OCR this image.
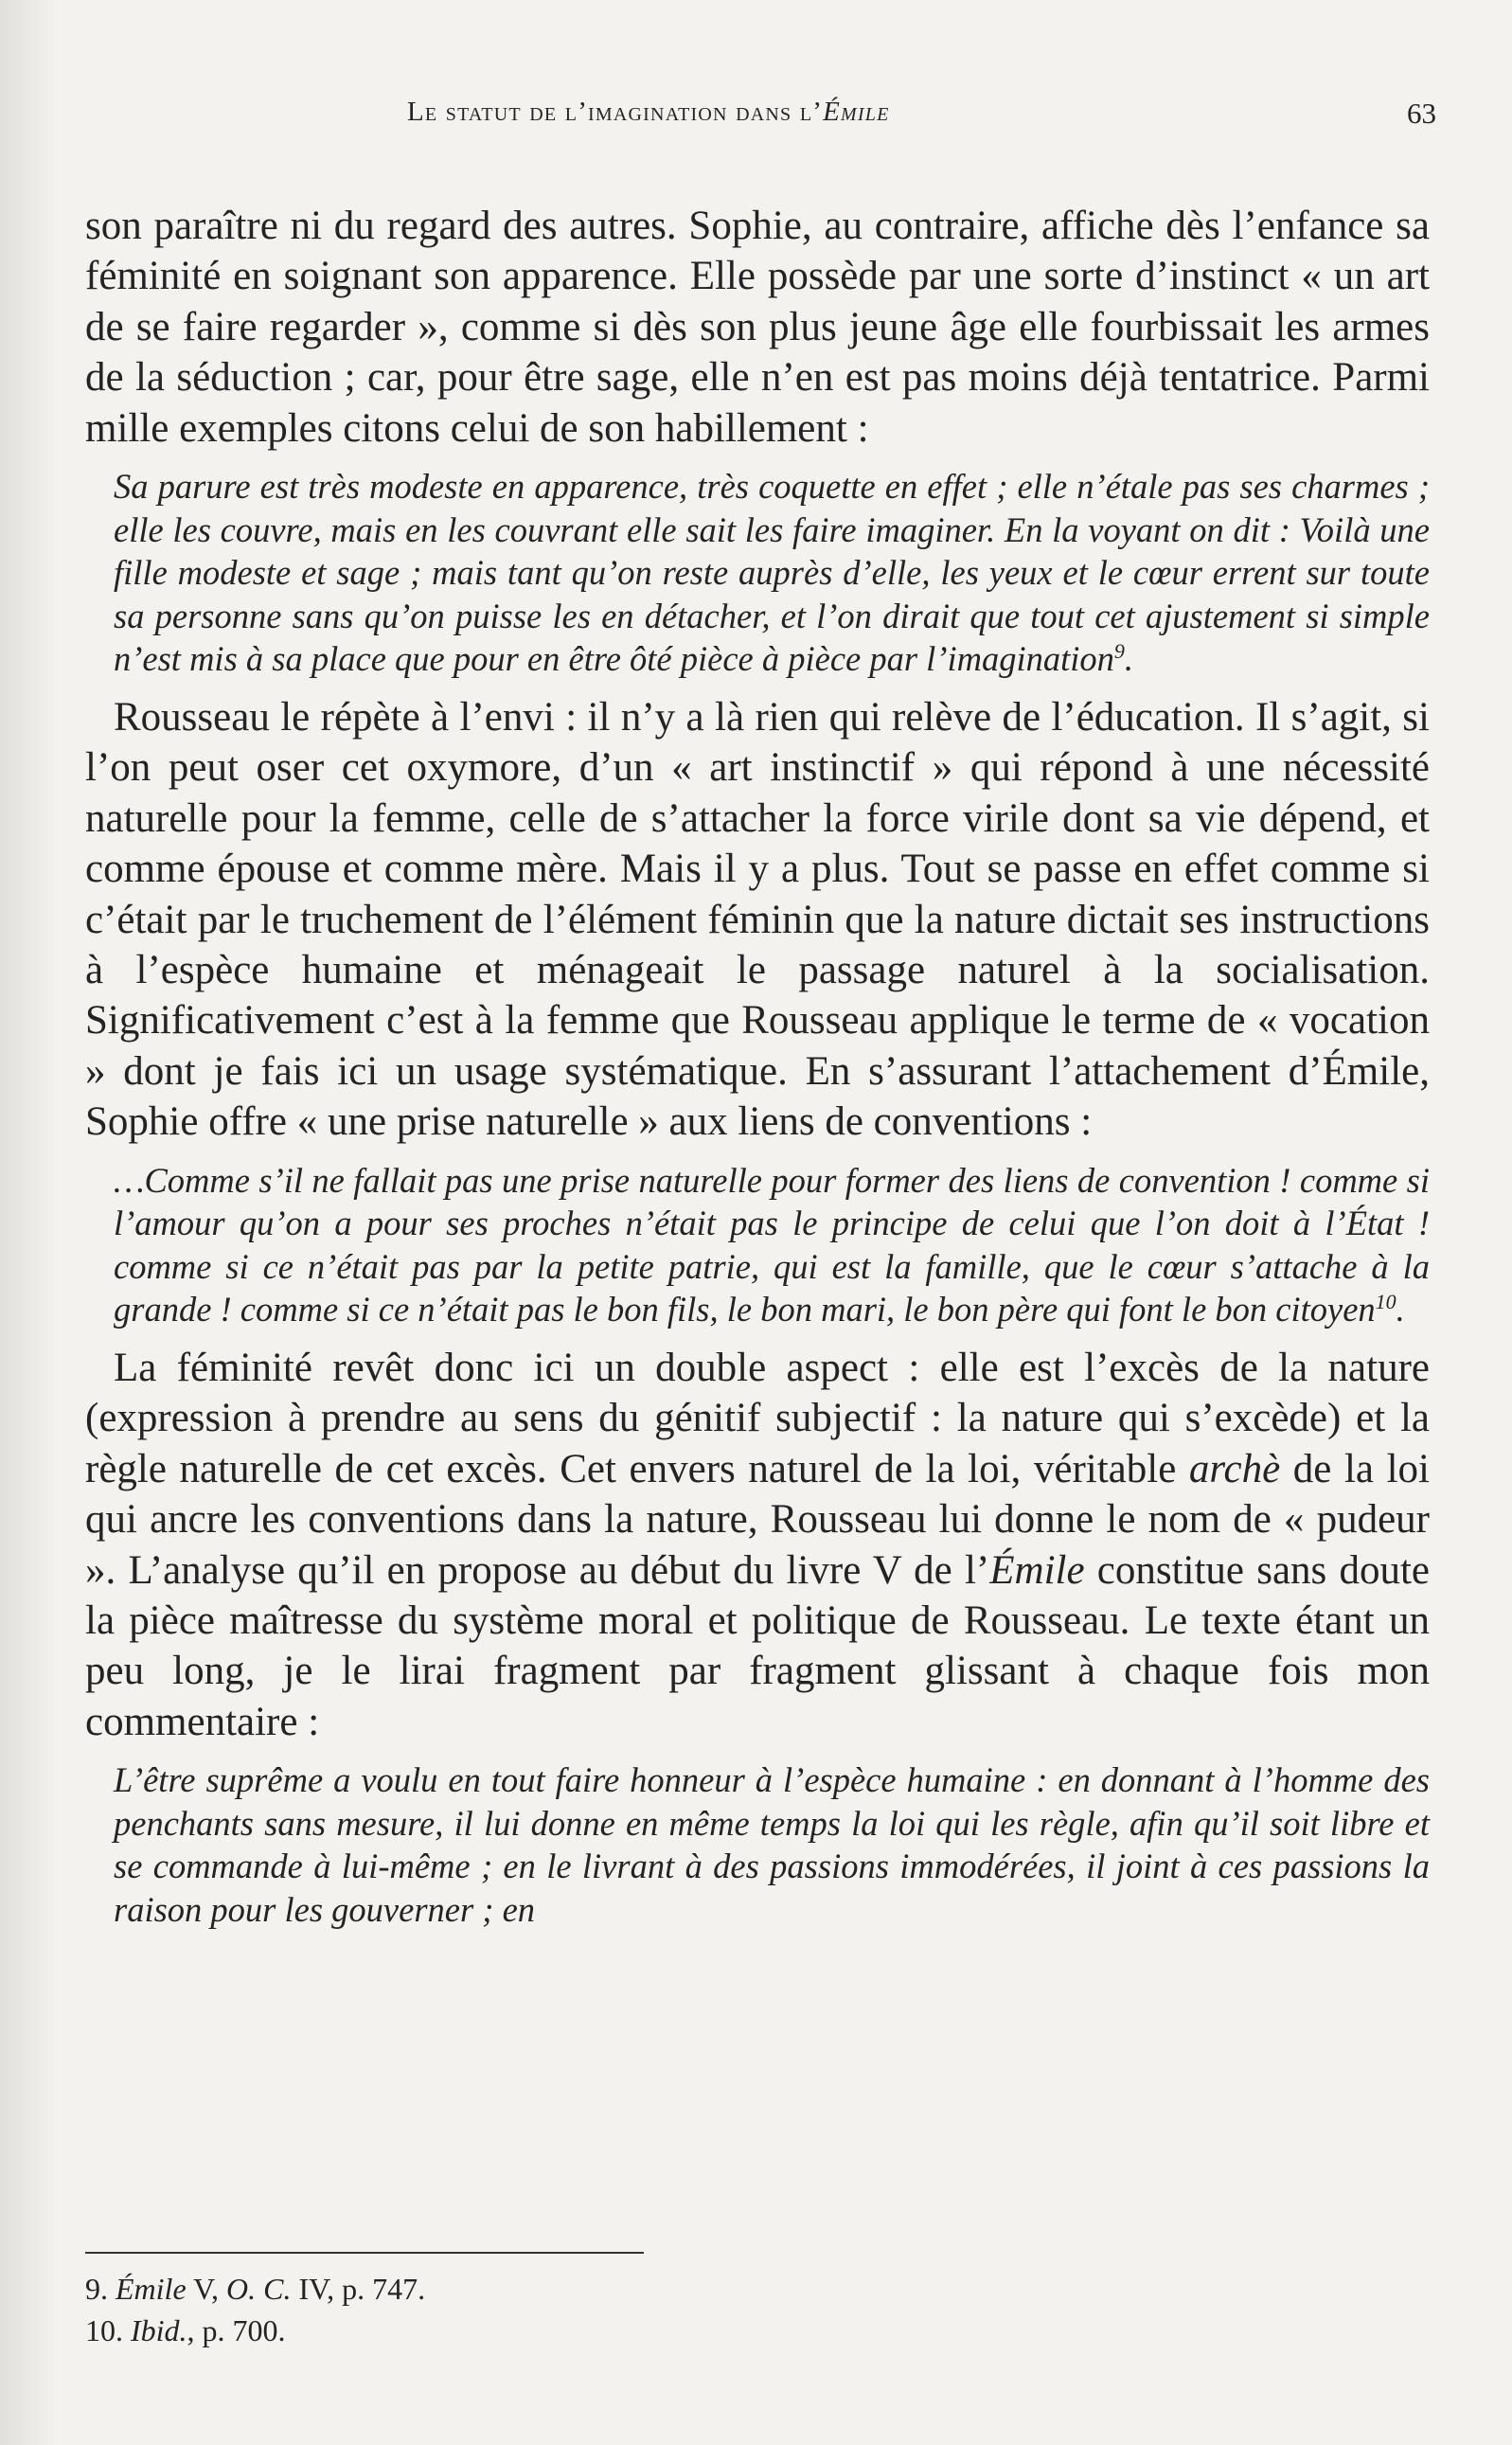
Le statut de l’imagination dans l’Émile	63

son paraître ni du regard des autres. Sophie, au contraire, affiche dès l’enfance sa féminité en soignant son apparence. Elle possède par une sorte d’instinct « un art de se faire regarder », comme si dès son plus jeune âge elle fourbissait les armes de la séduction ; car, pour être sage, elle n’en est pas moins déjà tentatrice. Parmi mille exemples citons celui de son habillement :

Sa parure est très modeste en apparence, très coquette en effet ; elle n’étale pas ses charmes ; elle les couvre, mais en les couvrant elle sait les faire imaginer. En la voyant on dit : Voilà une fille modeste et sage ; mais tant qu’on reste auprès d’elle, les yeux et le cœur errent sur toute sa personne sans qu’on puisse les en détacher, et l’on dirait que tout cet ajustement si simple n’est mis à sa place que pour en être ôté pièce à pièce par l’imagination$^9$.

Rousseau le répète à l’envi : il n’y a là rien qui relève de l’éducation. Il s’agit, si l’on peut oser cet oxymore, d’un « art instinctif » qui répond à une nécessité naturelle pour la femme, celle de s’attacher la force virile dont sa vie dépend, et comme épouse et comme mère. Mais il y a plus. Tout se passe en effet comme si c’était par le truchement de l’élément féminin que la nature dictait ses instructions à l’espèce humaine et ménageait le passage naturel à la socialisation. Significativement c’est à la femme que Rousseau applique le terme de « vocation » dont je fais ici un usage systématique. En s’assurant l’attachement d’Émile, Sophie offre « une prise naturelle » aux liens de conventions :

…Comme s’il ne fallait pas une prise naturelle pour former des liens de convention ! comme si l’amour qu’on a pour ses proches n’était pas le principe de celui que l’on doit à l’État ! comme si ce n’était pas par la petite patrie, qui est la famille, que le cœur s’attache à la grande ! comme si ce n’était pas le bon fils, le bon mari, le bon père qui font le bon citoyen$^{10}$.

La féminité revêt donc ici un double aspect : elle est l’excès de la nature (expression à prendre au sens du génitif subjectif : la nature qui s’excède) et la règle naturelle de cet excès. Cet envers naturel de la loi, véritable archè de la loi qui ancre les conventions dans la nature, Rousseau lui donne le nom de « pudeur ». L’analyse qu’il en propose au début du livre V de l’Émile constitue sans doute la pièce maîtresse du système moral et politique de Rousseau. Le texte étant un peu long, je le lirai fragment par fragment glissant à chaque fois mon commentaire :

L’être suprême a voulu en tout faire honneur à l’espèce humaine : en donnant à l’homme des penchants sans mesure, il lui donne en même temps la loi qui les règle, afin qu’il soit libre et se commande à lui-même ; en le livrant à des passions immodérées, il joint à ces passions la raison pour les gouverner ; en

9. Émile V, O. C. IV, p. 747.
10. Ibid., p. 700.
